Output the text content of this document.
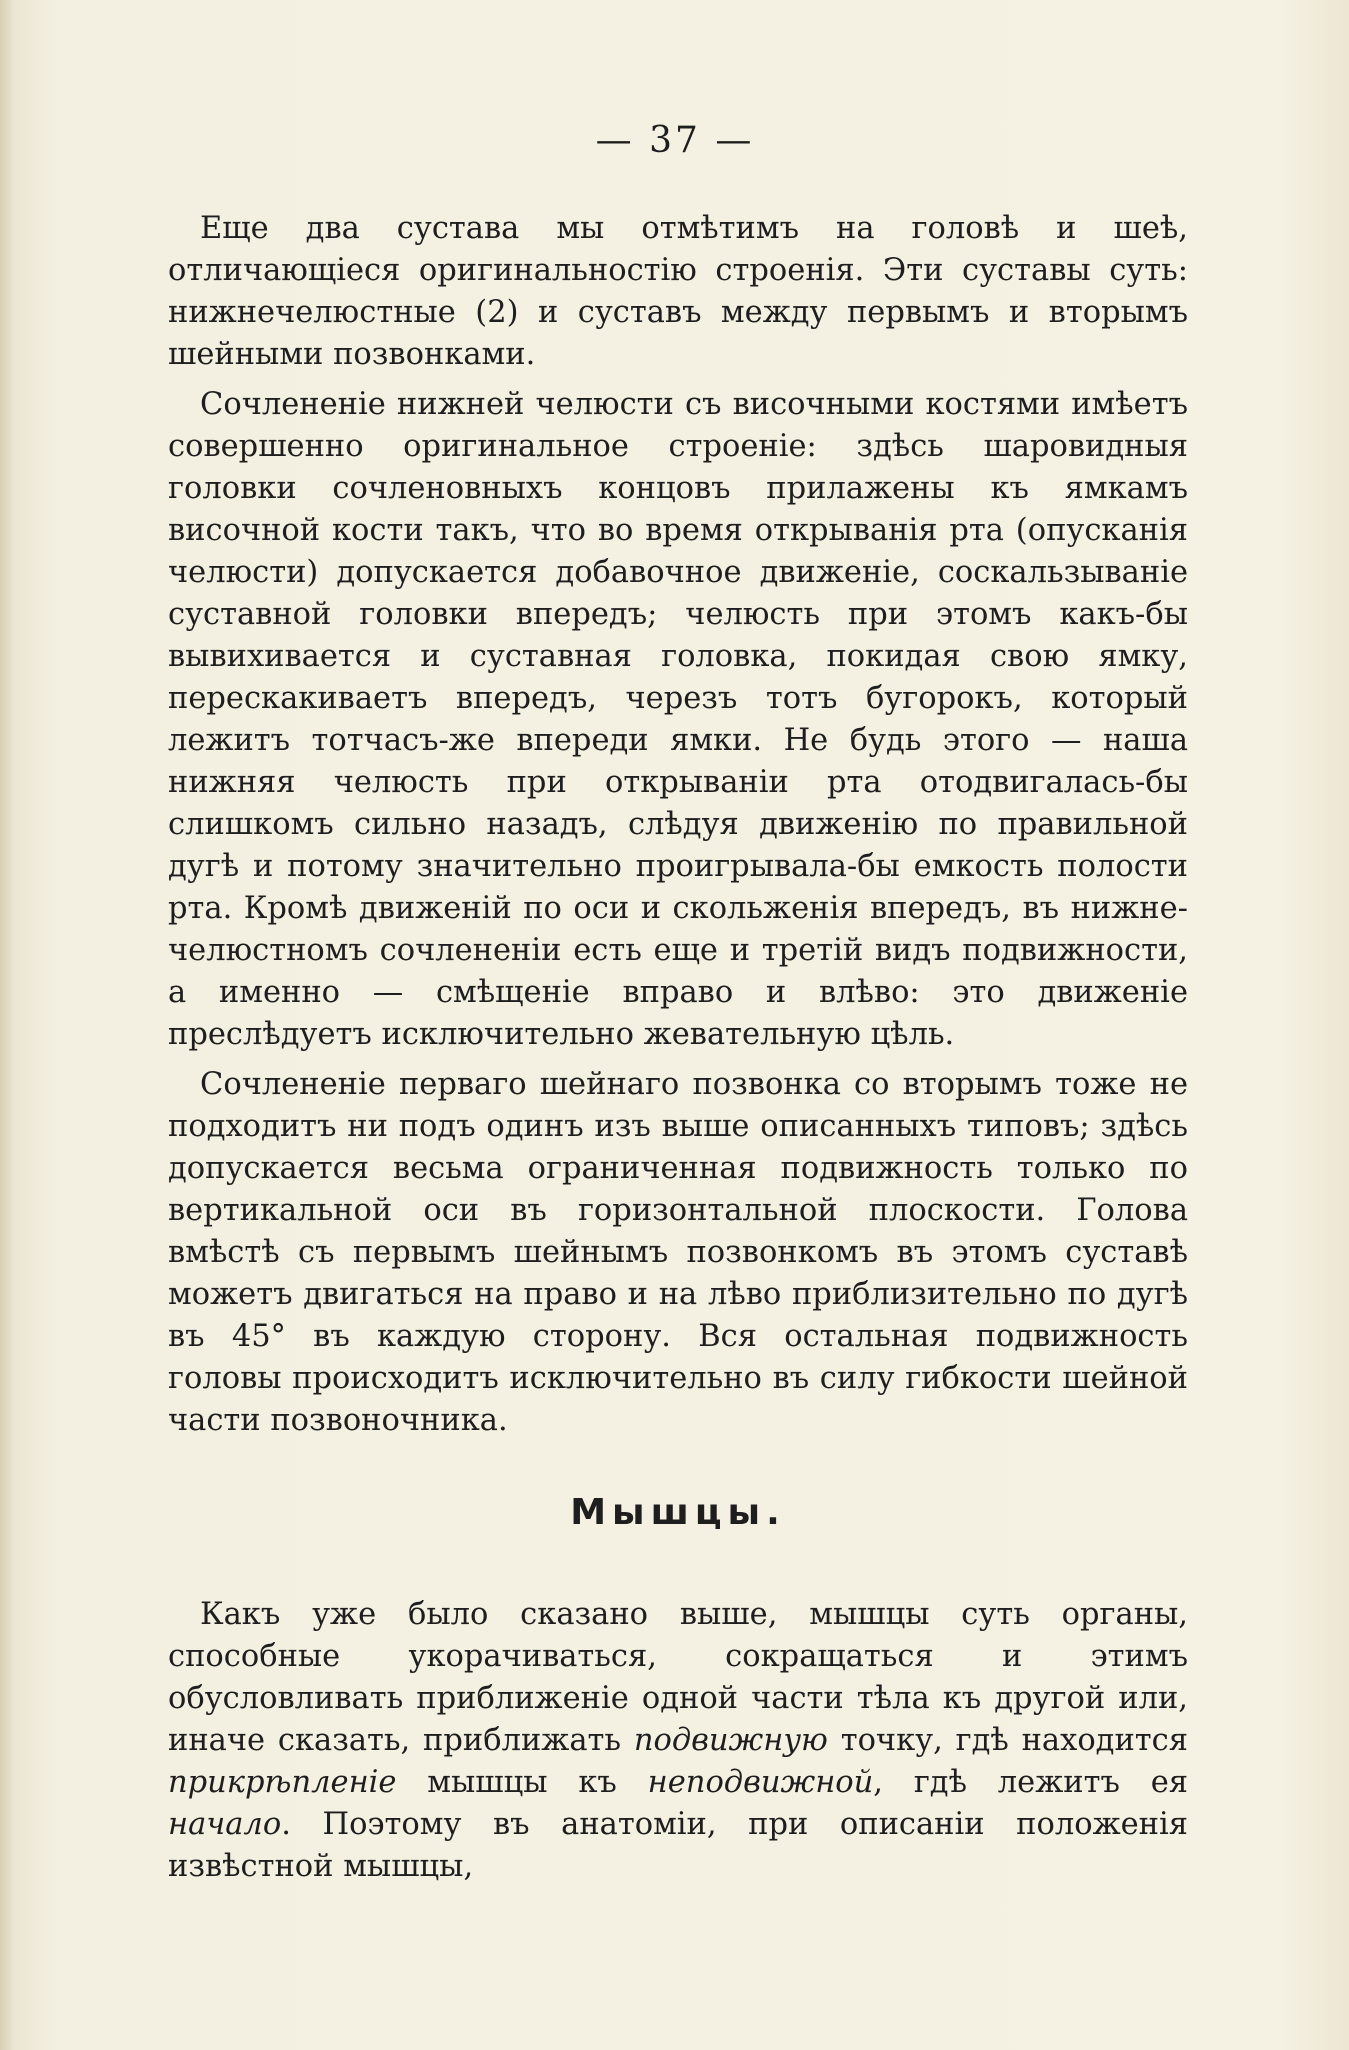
— 37 —

Еще два сустава мы отмѣтимъ на головѣ и шеѣ, отличающіеся оригинальностію строенія. Эти суставы суть: нижнечелюстные (2) и суставъ между первымъ и вторымъ шейными позвонками.

Сочлененіе нижней челюсти съ височными костями имѣетъ совершенно оригинальное строеніе: здѣсь шаровидныя головки сочленовныхъ концовъ прилажены къ ямкамъ височной кости такъ, что во время открыванія рта (опусканія челюсти) допускается добавочное движеніе, соскальзываніе суставной головки впередъ; челюсть при этомъ какъ-бы вывихивается и суставная головка, покидая свою ямку, перескакиваетъ впередъ, черезъ тотъ бугорокъ, который лежитъ тотчасъ-же впереди ямки. Не будь этого — наша нижняя челюсть при открываніи рта отодвигалась-бы слишкомъ сильно назадъ, слѣдуя движенію по правильной дугѣ и потому значительно проигрывала-бы емкость полости рта. Кромѣ движеній по оси и скольженія впередъ, въ нижне-челюстномъ сочлененіи есть еще и третій видъ подвижности, а именно — смѣщеніе вправо и влѣво: это движеніе преслѣдуетъ исключительно жевательную цѣль.

Сочлененіе перваго шейнаго позвонка со вторымъ тоже не подходитъ ни подъ одинъ изъ выше описанныхъ типовъ; здѣсь допускается весьма ограниченная подвижность только по вертикальной оси въ горизонтальной плоскости. Голова вмѣстѣ съ первымъ шейнымъ позвонкомъ въ этомъ суставѣ можетъ двигаться на право и на лѣво приблизительно по дугѣ въ 45° въ каждую сторону. Вся остальная подвижность головы происходитъ исключительно въ силу гибкости шейной части позвоночника.

Мышцы.

Какъ уже было сказано выше, мышцы суть органы, способные укорачиваться, сокращаться и этимъ обусловливать приближеніе одной части тѣла къ другой или, иначе сказать, приближать подвижную точку, гдѣ находится прикрѣпленіе мышцы къ неподвижной, гдѣ лежитъ ея начало. Поэтому въ анатоміи, при описаніи положенія извѣстной мышцы,
